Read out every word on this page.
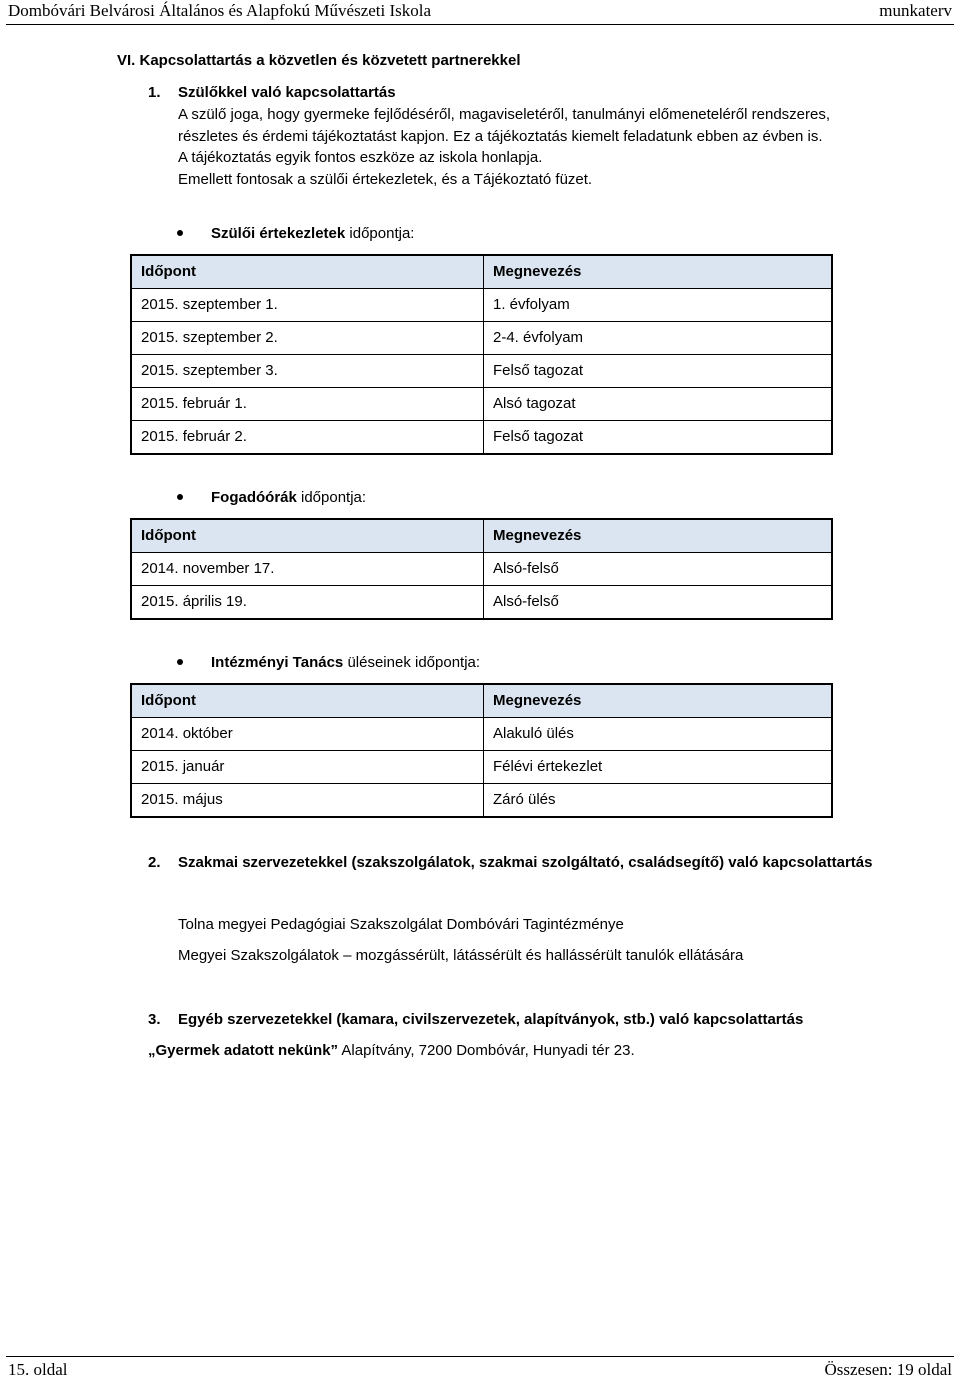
Dombóvári Belvárosi Általános és Alapfokú Művészeti Iskola	munkaterv
VI. Kapcsolattartás a közvetlen és közvetett partnerekkel
1. Szülőkkel való kapcsolattartás
A szülő joga, hogy gyermeke fejlődéséről, magaviseletéről, tanulmányi előmeneteléről rendszeres,
részletes és érdemi tájékoztatást kapjon. Ez a tájékoztatás kiemelt feladatunk ebben az évben is.
A tájékoztatás egyik fontos eszköze az iskola honlapja.
Emellett fontosak a szülői értekezletek, és a Tájékoztató füzet.
Szülői értekezletek időpontja:
Időpont	Megnevezés
2015. szeptember 1.	1. évfolyam
2015. szeptember 2.	2-4. évfolyam
2015. szeptember 3.	Felső tagozat
2015. február 1.	Alsó tagozat
2015. február 2.	Felső tagozat
Fogadóórák időpontja:
Időpont	Megnevezés
2014. november 17.	Alsó-felső
2015. április 19.	Alsó-felső
Intézményi Tanács üléseinek időpontja:
Időpont	Megnevezés
2014. október	Alakuló ülés
2015. január	Félévi értekezlet
2015. május	Záró ülés
2. Szakmai szervezetekkel (szakszolgálatok, szakmai szolgáltató, családsegítő) való kapcsolattartás
Tolna megyei Pedagógiai Szakszolgálat Dombóvári Tagintézménye
Megyei Szakszolgálatok – mozgássérült, látássérült és hallássérült tanulók ellátására
3. Egyéb szervezetekkel (kamara, civilszervezetek, alapítványok, stb.) való kapcsolattartás
„Gyermek adatott nekünk” Alapítvány, 7200 Dombóvár, Hunyadi tér 23.
15. oldal	Összesen: 19 oldal
